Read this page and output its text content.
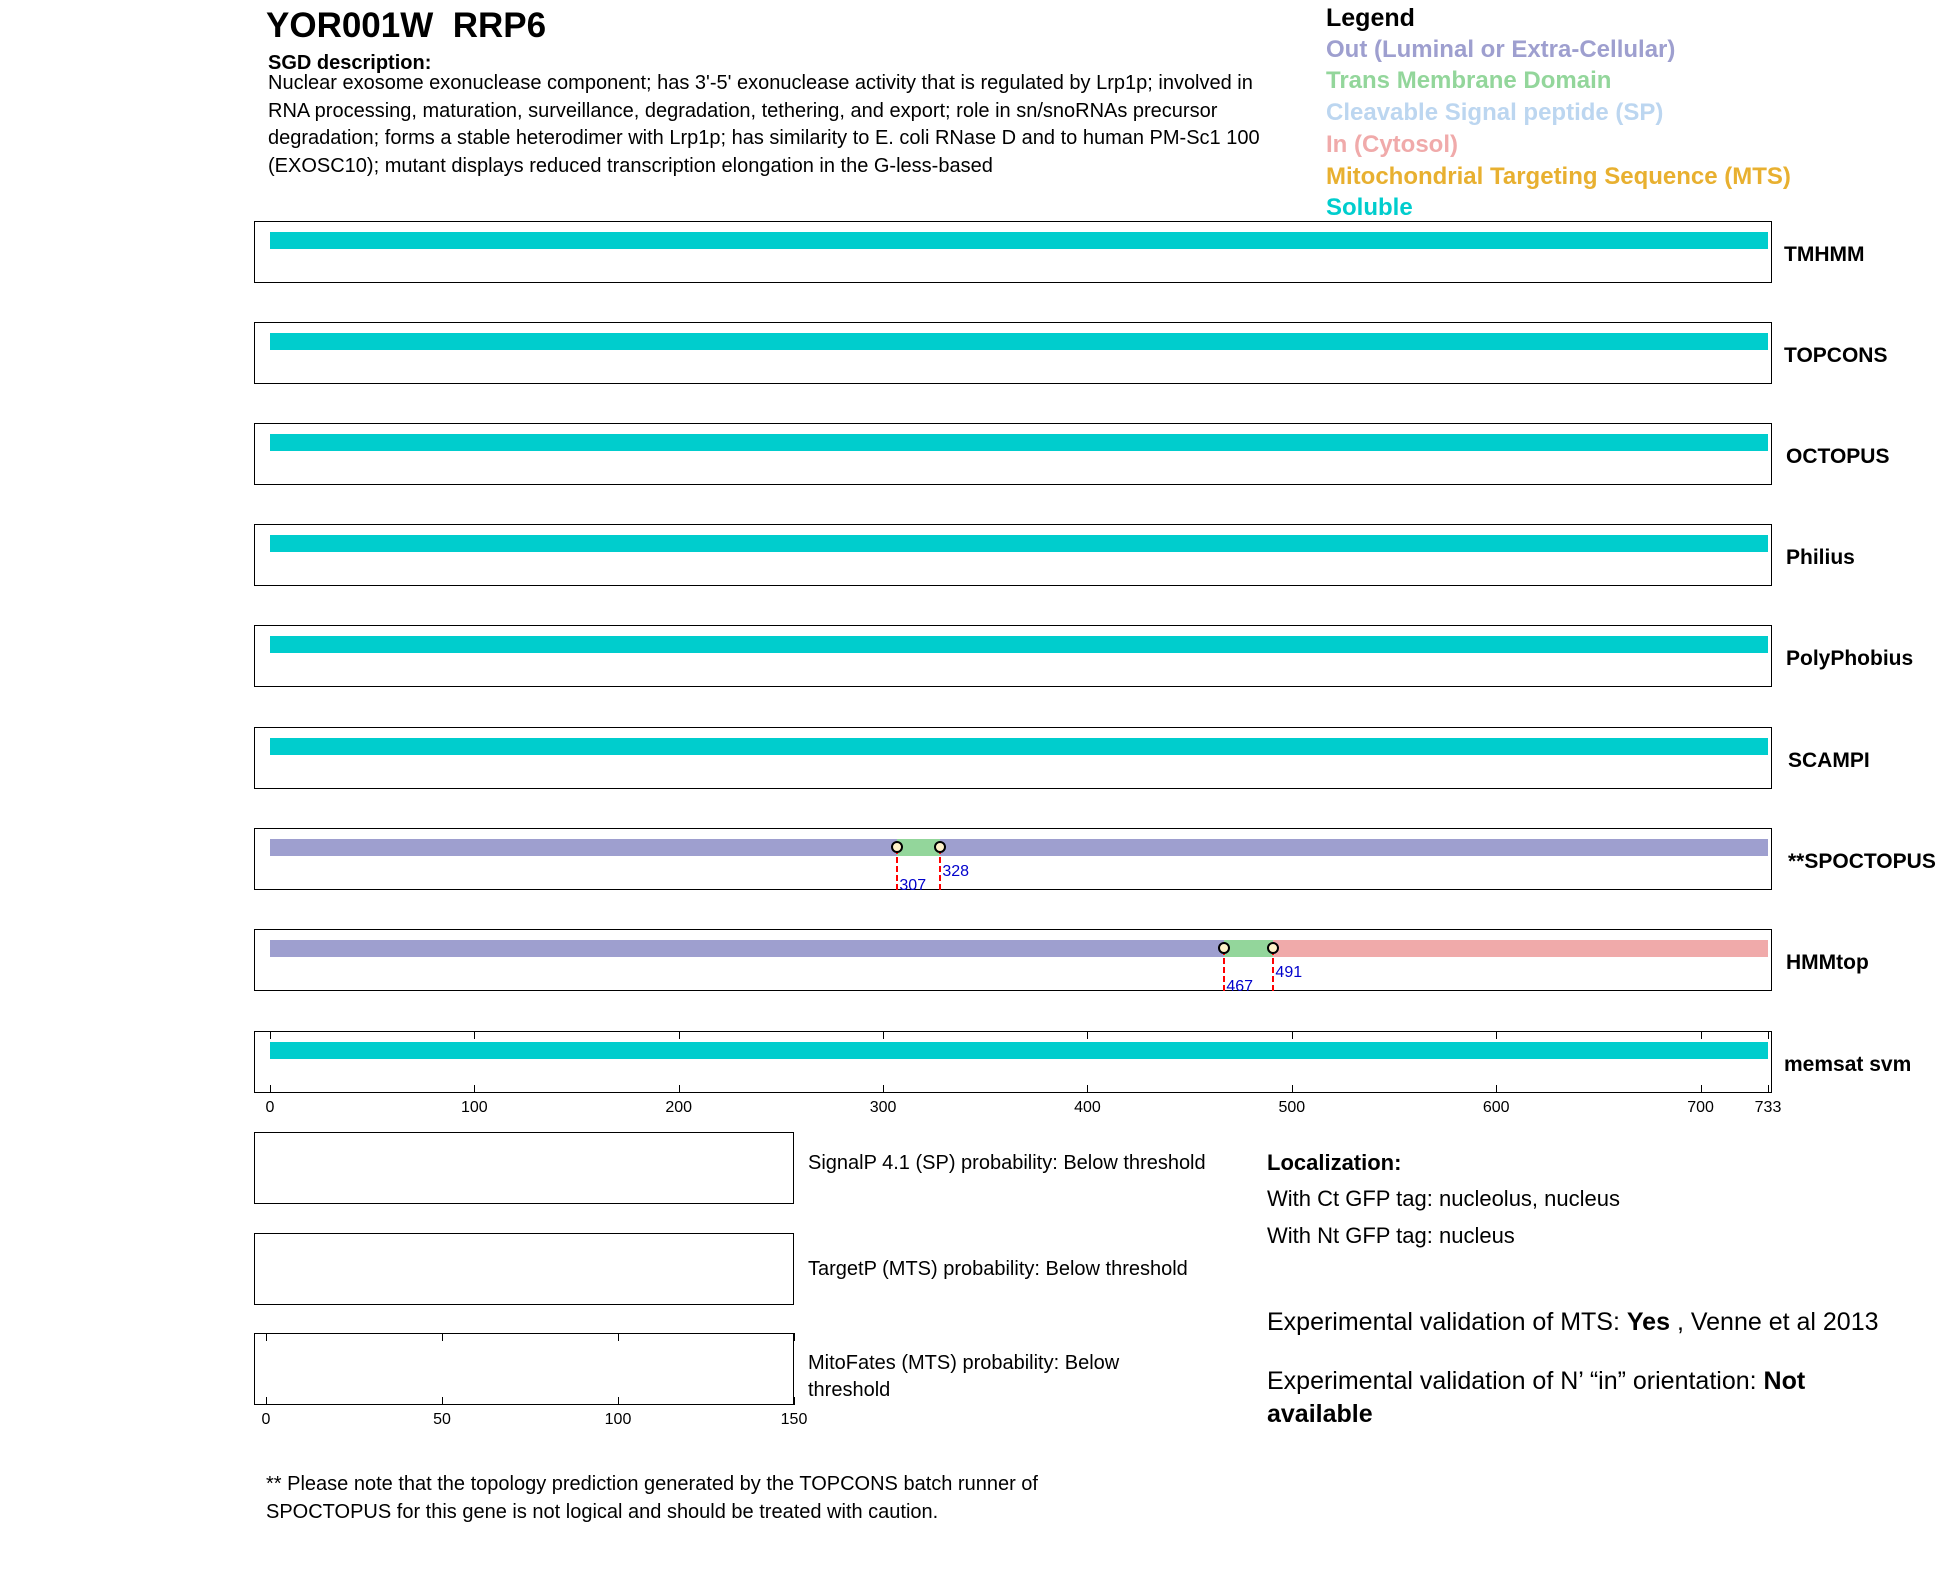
YOR001W RRP6
SGD description:
Nuclear exosome exonuclease component; has 3'-5' exonuclease activity that is regulated by Lrp1p; involved in RNA processing, maturation, surveillance, degradation, tethering, and export; role in sn/snoRNAs precursor degradation; forms a stable heterodimer with Lrp1p; has similarity to E. coli RNase D and to human PM-Sc1 100 (EXOSC10); mutant displays reduced transcription elongation in the G-less-based
Legend
Out (Luminal or Extra-Cellular)
Trans Membrane Domain
Cleavable Signal peptide (SP)
In (Cytosol)
Mitochondrial Targeting Sequence (MTS)
Soluble
TMHMM
TOPCONS
OCTOPUS
Philius
PolyPhobius
SCAMPI
307
328	**SPOCTOPUS
467
491	HMMtop
memsat svm
0	100	200	300	400	500	600	700	733
SignalP 4.1 (SP) probability: Below threshold
TargetP (MTS) probability: Below threshold
MitoFates (MTS) probability: Below threshold
0	50	100	150
Localization:
With Ct GFP tag: nucleolus, nucleus
With Nt GFP tag: nucleus
Experimental validation of MTS: Yes , Venne et al 2013
Experimental validation of N’ “in” orientation: Not available
** Please note that the topology prediction generated by the TOPCONS batch runner of SPOCTOPUS for this gene is not logical and should be treated with caution.
